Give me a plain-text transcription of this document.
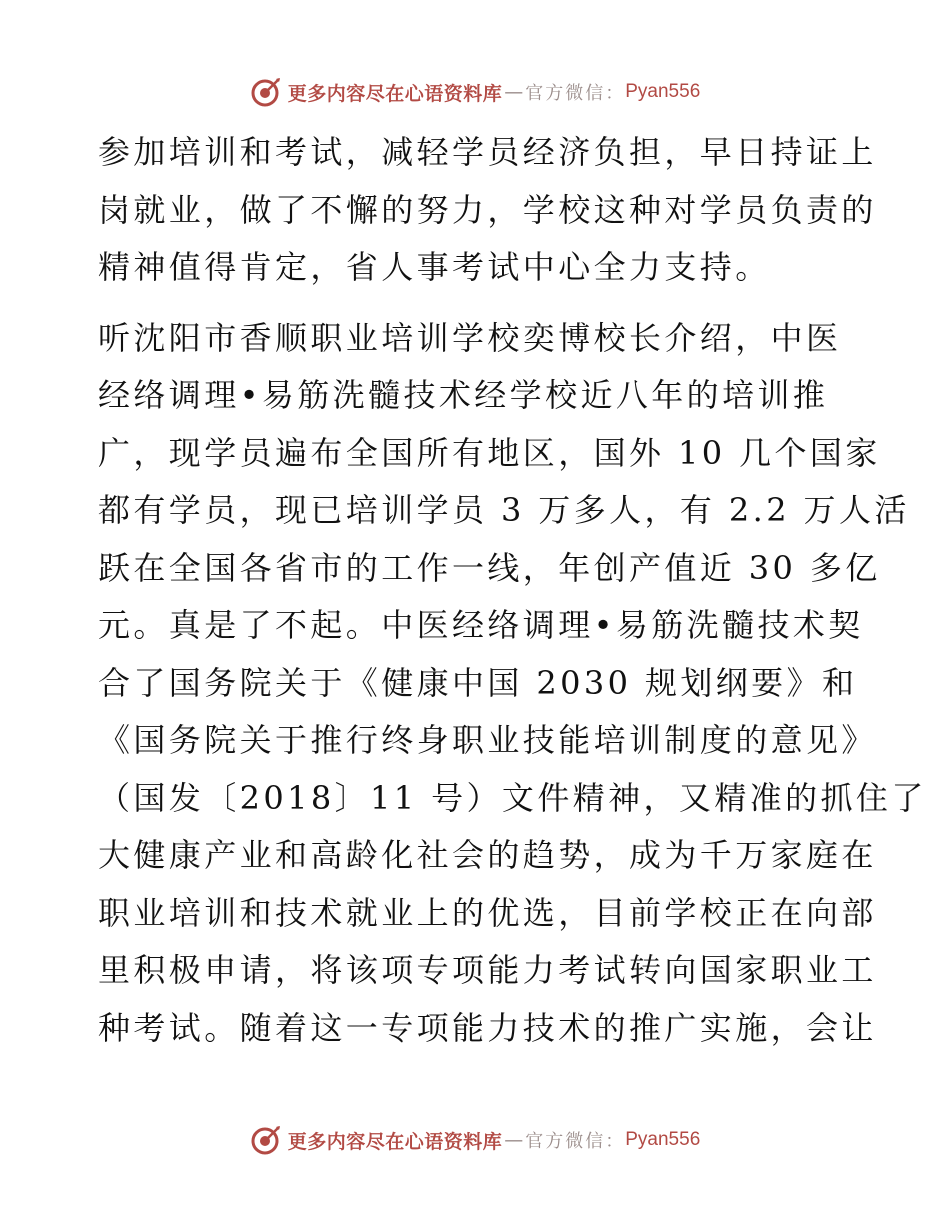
更多内容尽在心语资料库 — 官方微信： Pyan556
参加培训和考试，减轻学员经济负担，早日持证上
岗就业，做了不懈的努力，学校这种对学员负责的
精神值得肯定，省人事考试中心全力支持。
听沈阳市香顺职业培训学校奕博校长介绍，中医
经络调理•易筋洗髓技术经学校近八年的培训推
广，现学员遍布全国所有地区，国外 10 几个国家
都有学员，现已培训学员 3 万多人，有 2.2 万人活
跃在全国各省市的工作一线，年创产值近 30 多亿
元。真是了不起。中医经络调理•易筋洗髓技术契
合了国务院关于《健康中国 2030 规划纲要》和
《国务院关于推行终身职业技能培训制度的意见》
（国发〔2018〕11 号）文件精神，又精准的抓住了
大健康产业和高龄化社会的趋势，成为千万家庭在
职业培训和技术就业上的优选，目前学校正在向部
里积极申请，将该项专项能力考试转向国家职业工
种考试。随着这一专项能力技术的推广实施，会让
更多内容尽在心语资料库 — 官方微信： Pyan556
